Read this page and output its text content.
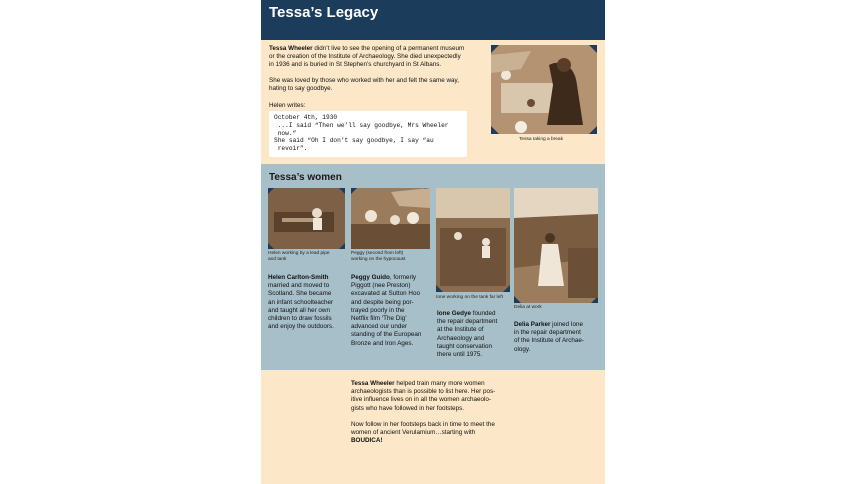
Tessa’s Legacy
Tessa Wheeler didn’t live to see the opening of a permanent museum
or the creation of the Institute of Archaeology. She died unexpectedly
in 1936 and is buried in St Stephen’s churchyard in St Albans.
She was loved by those who worked with her and felt the same way,
hating to say goodbye.
Helen writes:
October 4th, 1930
...I said “Then we’ll say goodbye, Mrs Wheeler
now.”
She said “Oh I don’t say goodbye, I say “au
revoir”.
Tessa taking a break
Tessa’s women
Helen working by a lead pipe
and tank
Helen Carlton-Smith
married and moved to
Scotland. She became
an infant schoolteacher
and taught all her own
children to draw fossils
and enjoy the outdoors.
Peggy (second from left)
working on the hypocaust
Peggy Guido, formerly
Piggott (nee Preston)
excavated at Sutton Hoo
and despite being por-
trayed poorly in the
Netflix film ‘The Dig’
advanced our under
standing of the European
Bronze and Iron Ages.
Ione working on the tank far left
Ione Gedye founded
the repair department
at the Institute of
Archaeology and
taught conservation
there until 1975.
Delia at work
Delia Parker joined Ione
in the repair department
of the Institute of Archae-
ology.
Tessa Wheeler helped train many more women
archaeologists than is possible to list here. Her pos-
itive influence lives on in all the women archaeolo-
gists who have followed in her footsteps.
Now follow in her footsteps back in time to meet the
women of ancient Verulamium…starting with
BOUDICA!
